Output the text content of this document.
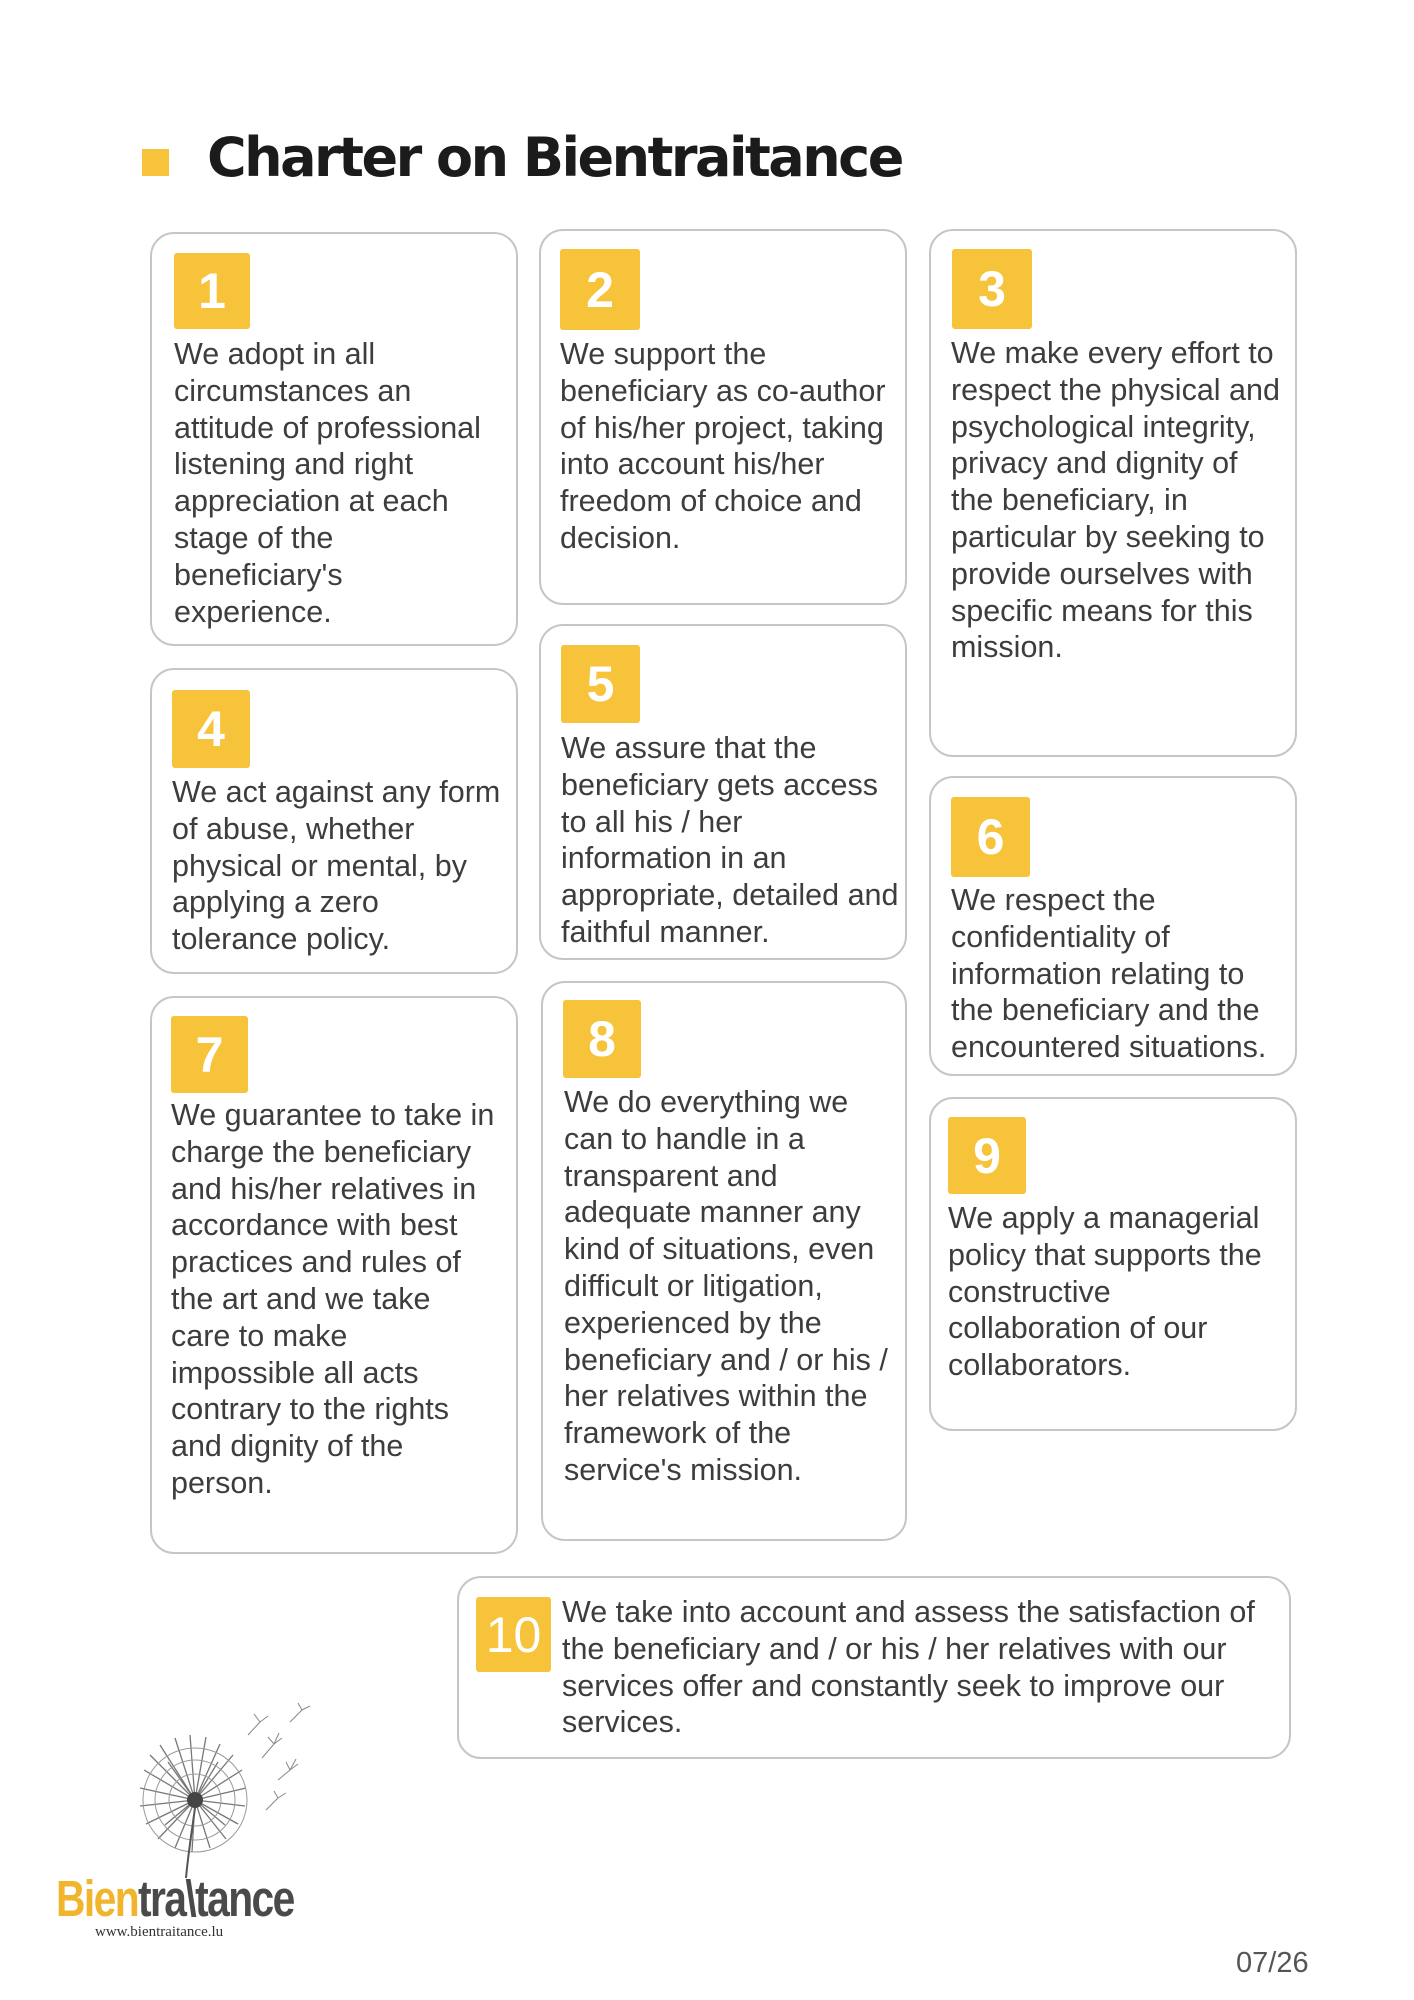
Charter on Bientraitance
1

We adopt in all circumstances an attitude of professional listening and right appreciation at each stage of the beneficiary's experience.

2

We support the beneficiary as co-author of his/her project, taking into account his/her freedom of choice and decision.

3

We make every effort to respect the physical and psychological integrity, privacy and dignity of the beneficiary, in particular by seeking to provide ourselves with specific means for this mission.

4

We act against any form of abuse, whether physical or mental, by applying a zero tolerance policy.

5

We assure that the beneficiary gets access to all his / her information in an appropriate, detailed and faithful manner.

6

We respect the confidentiality of information relating to the beneficiary and the encountered situations.

7

We guarantee to take in charge the beneficiary and his/her relatives in accordance with best practices and rules of the art and we take care to make impossible all acts contrary to the rights and dignity of the person.

8

We do everything we can to handle in a transparent and adequate manner any kind of situations, even difficult or litigation, experienced by the beneficiary and / or his / her relatives within the framework of the service's mission.

9

We apply a managerial policy that supports the constructive collaboration of our collaborators.

10 We take into account and assess the satisfaction of the beneficiary and / or his / her relatives with our services offer and constantly seek to improve our services.

Bientra\tance
www.bientraitance.lu
07/26
